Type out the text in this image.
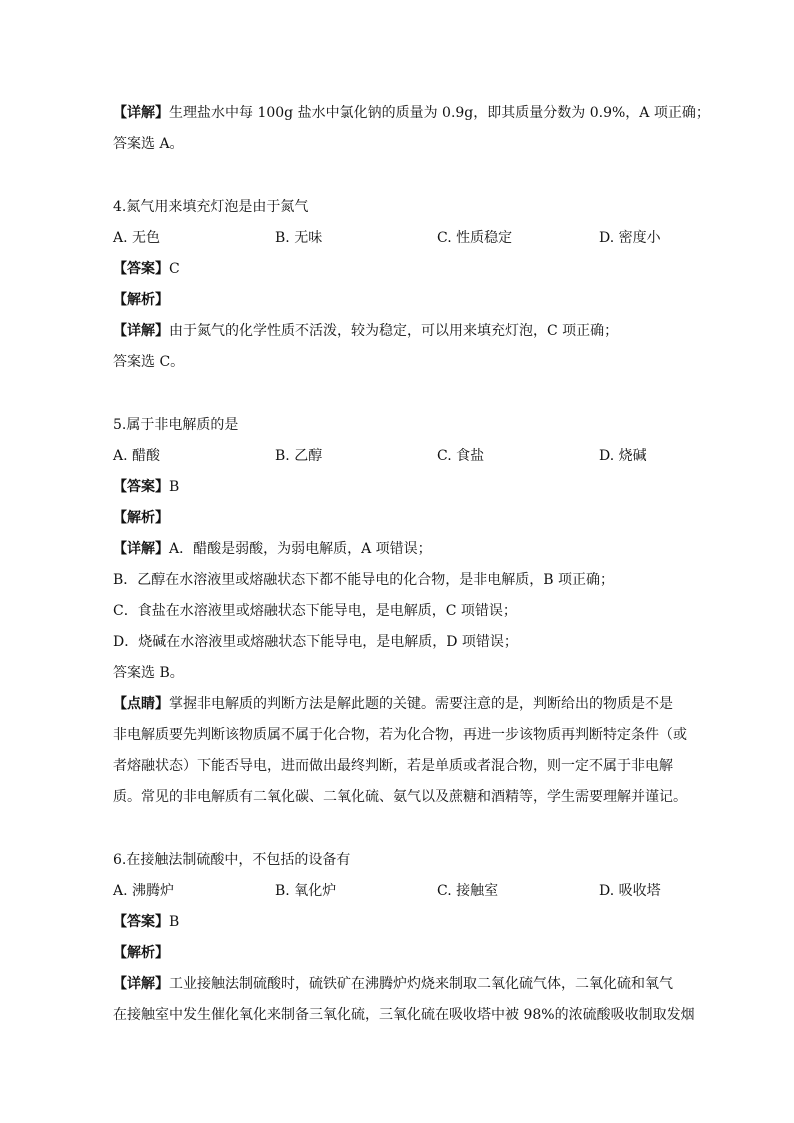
【详解】生理盐水中每 100g 盐水中氯化钠的质量为 0.9g，即其质量分数为 0.9%，A 项正确；
答案选 A。
4.氮气用来填充灯泡是由于氮气
A. 无色	B. 无味	C. 性质稳定	D. 密度小
【答案】C
【解析】
【详解】由于氮气的化学性质不活泼，较为稳定，可以用来填充灯泡，C 项正确；
答案选 C。
5.属于非电解质的是
A. 醋酸	B. 乙醇	C. 食盐	D. 烧碱
【答案】B
【解析】
【详解】A．醋酸是弱酸，为弱电解质，A 项错误；
B．乙醇在水溶液里或熔融状态下都不能导电的化合物，是非电解质，B 项正确；
C．食盐在水溶液里或熔融状态下能导电，是电解质，C 项错误；
D．烧碱在水溶液里或熔融状态下能导电，是电解质，D 项错误；
答案选 B。
【点睛】掌握非电解质的判断方法是解此题的关键。需要注意的是，判断给出的物质是不是
非电解质要先判断该物质属不属于化合物，若为化合物，再进一步该物质再判断特定条件（或
者熔融状态）下能否导电，进而做出最终判断，若是单质或者混合物，则一定不属于非电解
质。常见的非电解质有二氧化碳、二氧化硫、氨气以及蔗糖和酒精等，学生需要理解并谨记。
6.在接触法制硫酸中，不包括的设备有
A. 沸腾炉	B. 氧化炉	C. 接触室	D. 吸收塔
【答案】B
【解析】
【详解】工业接触法制硫酸时，硫铁矿在沸腾炉灼烧来制取二氧化硫气体，二氧化硫和氧气
在接触室中发生催化氧化来制备三氧化硫，三氧化硫在吸收塔中被 98%的浓硫酸吸收制取发烟
